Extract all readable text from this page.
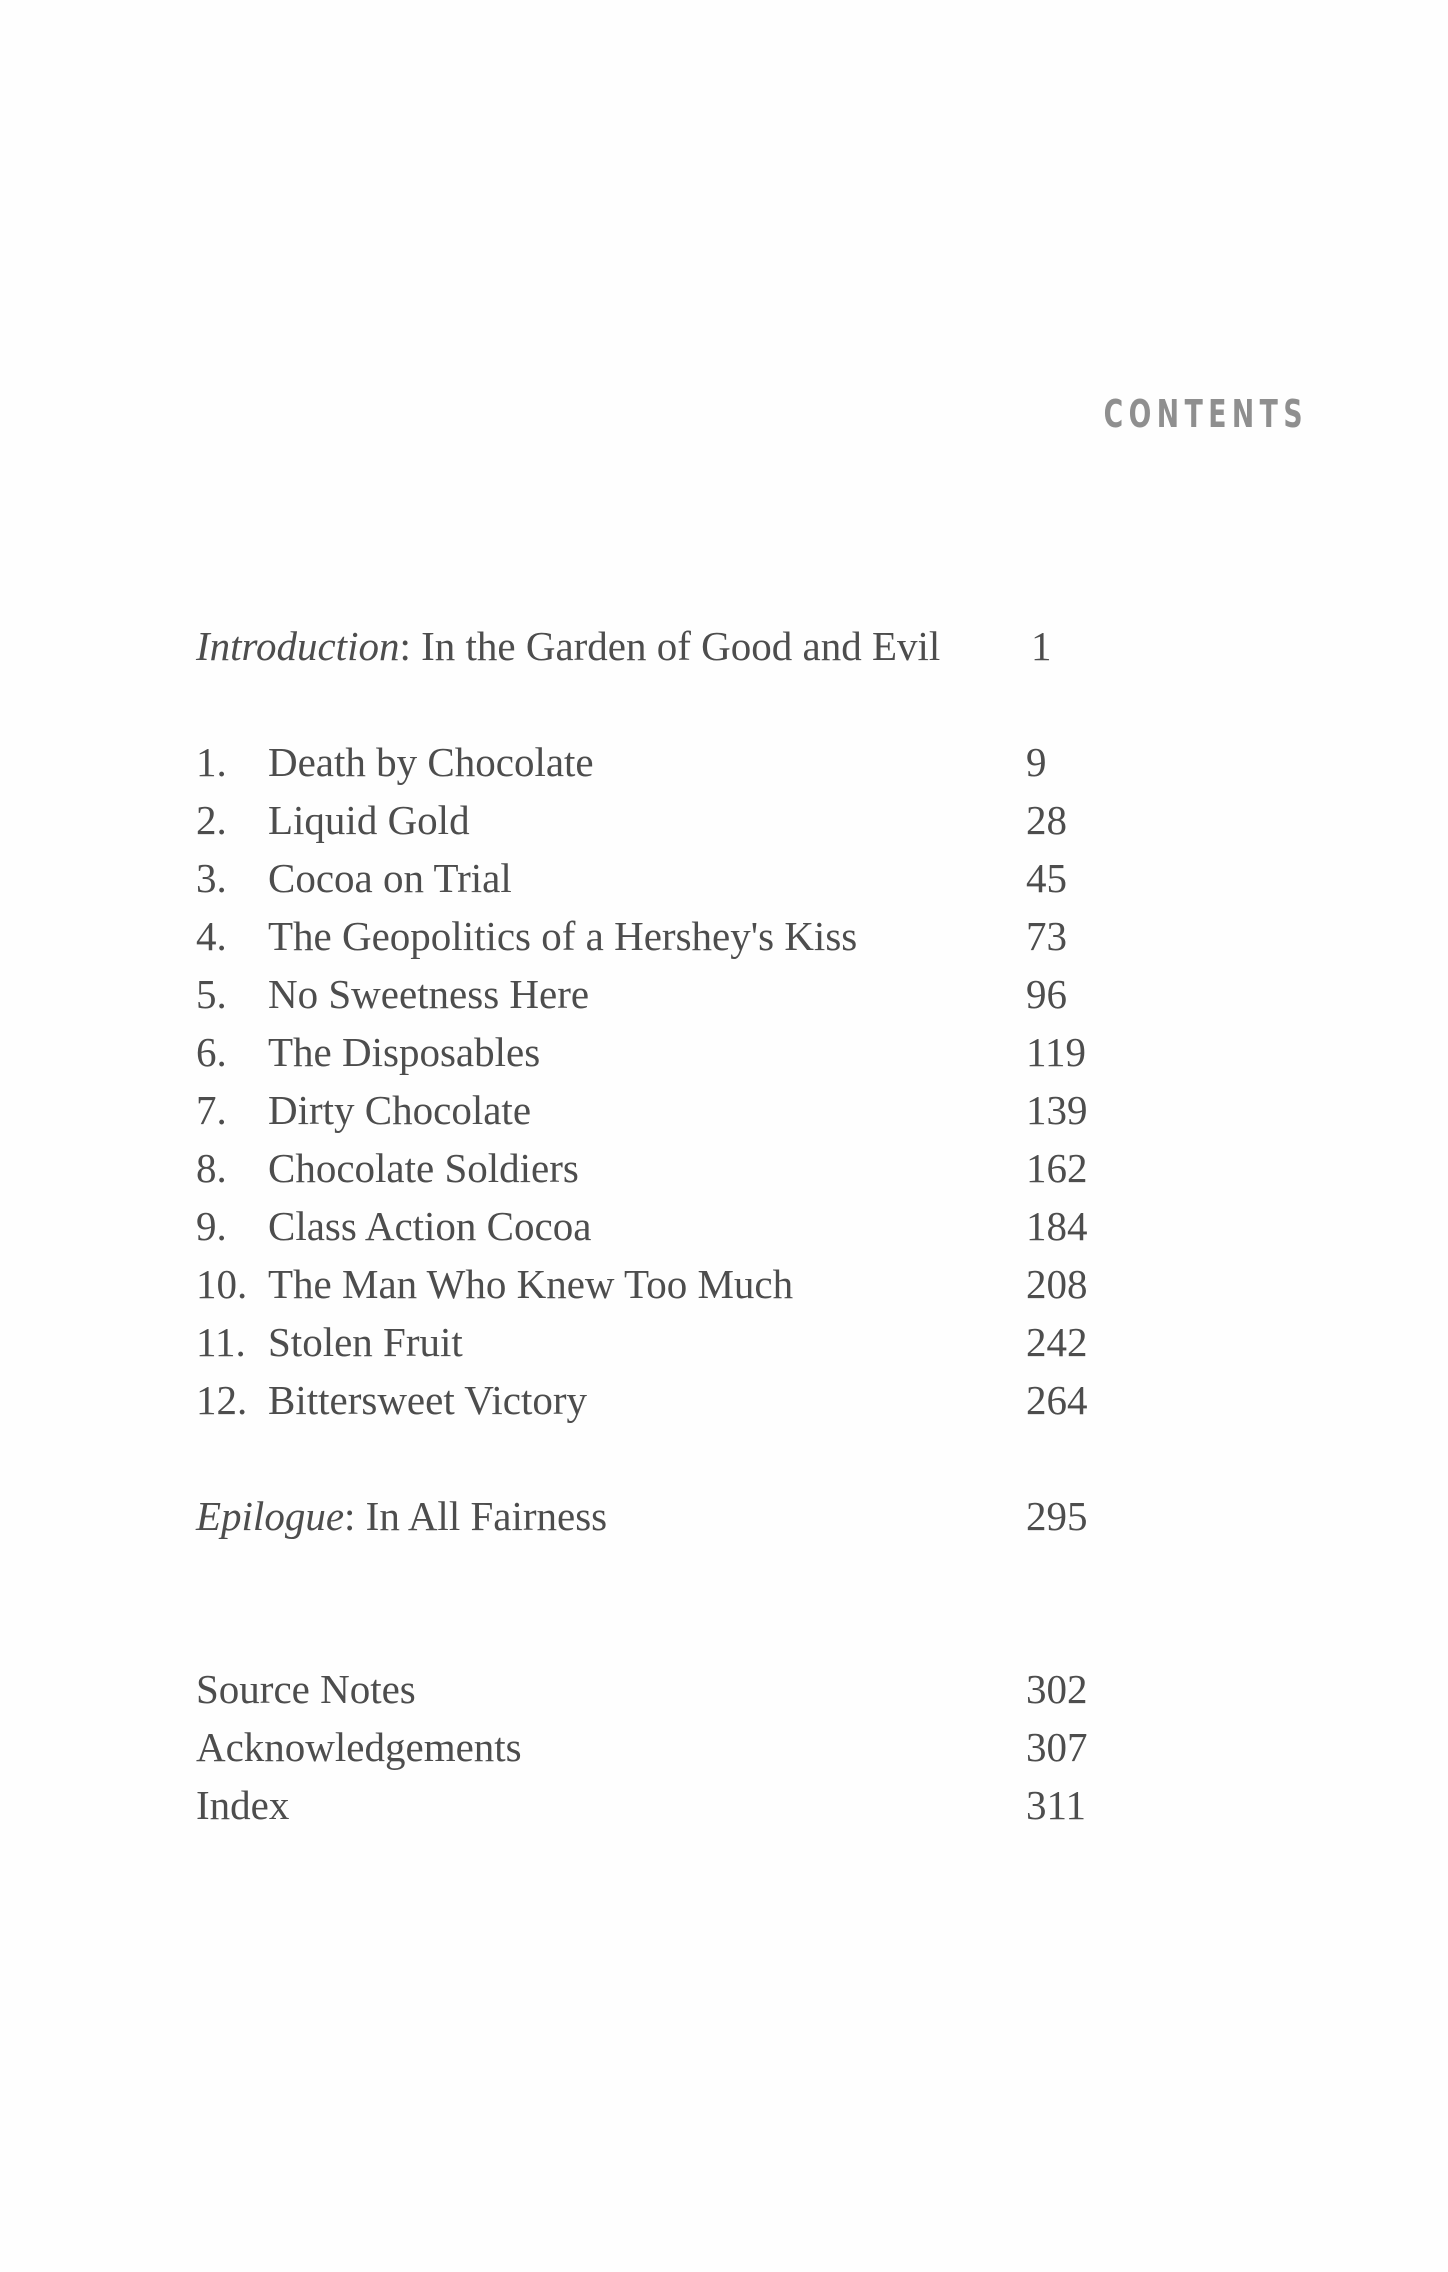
CONTENTS
Introduction: In the Garden of Good and Evil 1
1.	Death by Chocolate	9
2.	Liquid Gold	28
3.	Cocoa on Trial	45
4.	The Geopolitics of a Hershey's Kiss	73
5.	No Sweetness Here	96
6.	The Disposables	119
7.	Dirty Chocolate	139
8.	Chocolate Soldiers	162
9.	Class Action Cocoa	184
10. The Man Who Knew Too Much	208
11. Stolen Fruit	242
12. Bittersweet Victory	264
Epilogue: In All Fairness	295
Source Notes	302
Acknowledgements	307
Index	311
